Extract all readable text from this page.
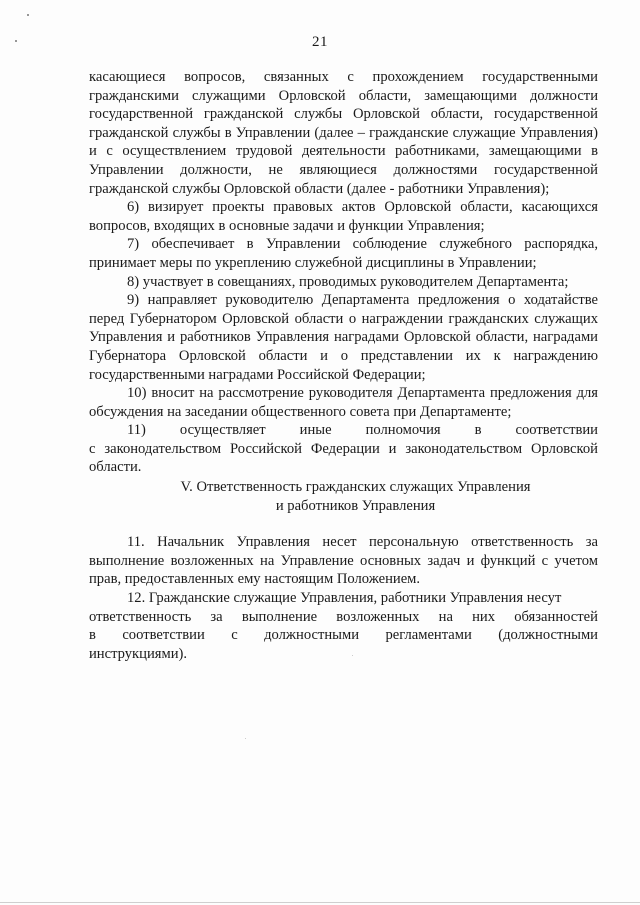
21

касающиеся вопросов, связанных с прохождением государственными гражданскими служащими Орловской области, замещающими должности государственной гражданской службы Орловской области, государственной гражданской службы в Управлении (далее – гражданские служащие Управления) и с осуществлением трудовой деятельности работниками, замещающими в Управлении должности, не являющиеся должностями государственной гражданской службы Орловской области (далее - работники Управления);

6) визирует проекты правовых актов Орловской области, касающихся вопросов, входящих в основные задачи и функции Управления;

7) обеспечивает в Управлении соблюдение служебного распорядка, принимает меры по укреплению служебной дисциплины в Управлении;

8) участвует в совещаниях, проводимых руководителем Департамента;

9) направляет руководителю Департамента предложения о ходатайстве перед Губернатором Орловской области о награждении гражданских служащих Управления и работников Управления наградами Орловской области, наградами Губернатора Орловской области и о представлении их к награждению государственными наградами Российской Федерации;

10) вносит на рассмотрение руководителя Департамента предложения для обсуждения на заседании общественного совета при Департаменте;

11) осуществляет иные полномочия в соответствии

с законодательством Российской Федерации и законодательством Орловской области.

V. Ответственность гражданских служащих Управления

и работников Управления

11. Начальник Управления несет персональную ответственность за выполнение возложенных на Управление основных задач и функций с учетом прав, предоставленных ему настоящим Положением.

12. Гражданские служащие Управления, работники Управления несут

ответственность за выполнение возложенных на них обязанностей
в соответствии с должностными регламентами (должностными

инструкциями).
